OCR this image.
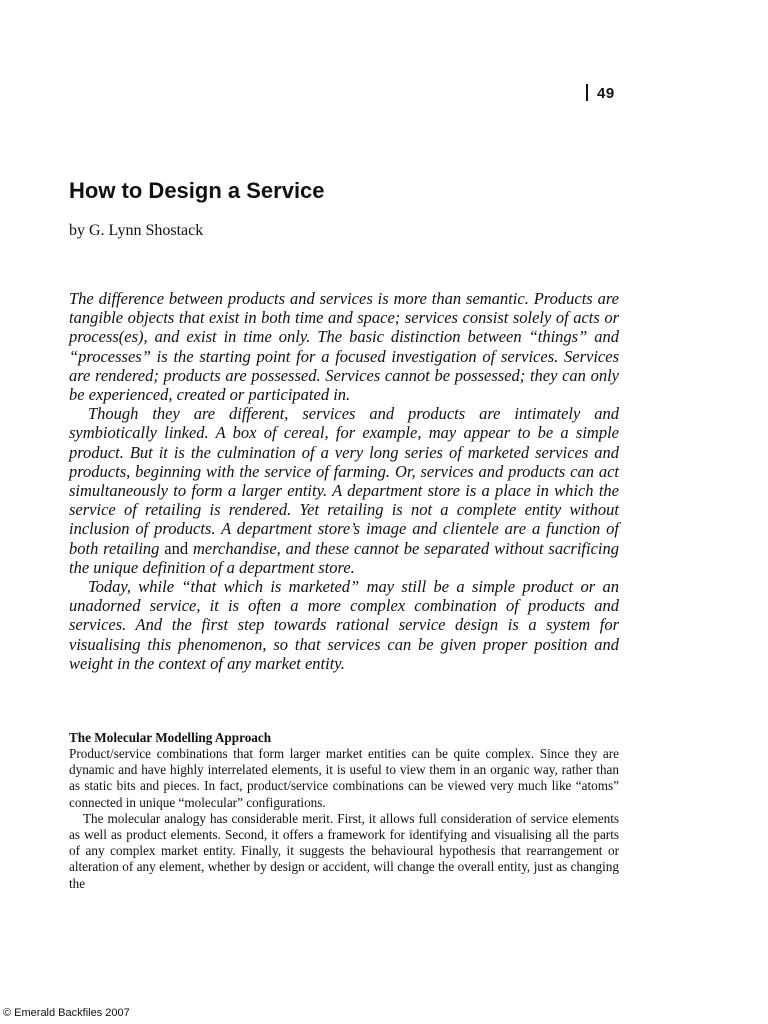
49
How to Design a Service

by G. Lynn Shostack

The difference between products and services is more than semantic. Products are tangible objects that exist in both time and space; services consist solely of acts or process(es), and exist in time only. The basic distinction between “things” and “processes” is the starting point for a focused investigation of services. Services are rendered; products are possessed. Services cannot be possessed; they can only be experienced, created or participated in.

Though they are different, services and products are intimately and symbiotically linked. A box of cereal, for example, may appear to be a simple product. But it is the culmination of a very long series of marketed services and products, beginning with the service of farming. Or, services and products can act simultaneously to form a larger entity. A department store is a place in which the service of retailing is rendered. Yet retailing is not a complete entity without inclusion of products. A department store’s image and clientele are a function of both retailing and merchandise, and these cannot be separated without sacrificing the unique definition of a department store.

Today, while “that which is marketed” may still be a simple product or an unadorned service, it is often a more complex combination of products and services. And the first step towards rational service design is a system for visualising this phenomenon, so that services can be given proper position and weight in the context of any market entity.

The Molecular Modelling Approach

Product/service combinations that form larger market entities can be quite complex. Since they are dynamic and have highly interrelated elements, it is useful to view them in an organic way, rather than as static bits and pieces. In fact, product/service combinations can be viewed very much like “atoms” connected in unique “molecular” configurations.

The molecular analogy has considerable merit. First, it allows full consideration of service elements as well as product elements. Second, it offers a framework for identifying and visualising all the parts of any complex market entity. Finally, it suggests the behavioural hypothesis that rearrangement or alteration of any element, whether by design or accident, will change the overall entity, just as changing the

© Emerald Backfiles 2007
